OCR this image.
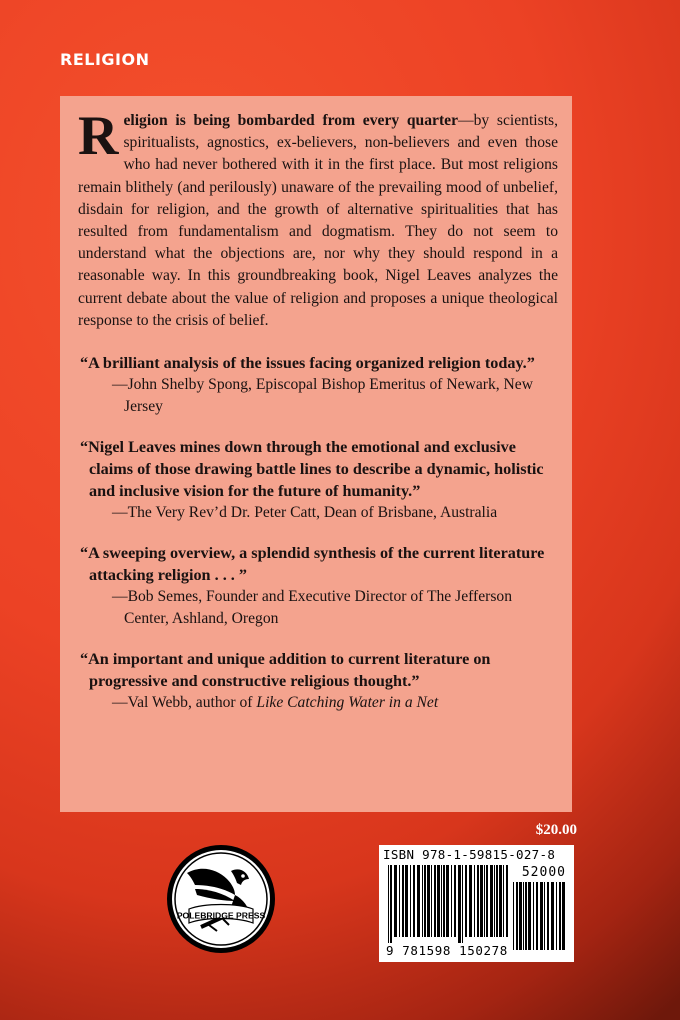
RELIGION

Religion is being bombarded from every quarter—by scientists, spiritualists, agnostics, ex-believers, non-believers and even those who had never bothered with it in the first place. But most religions remain blithely (and perilously) unaware of the prevailing mood of unbelief, disdain for religion, and the growth of alternative spiritualities that has resulted from fundamentalism and dogmatism. They do not seem to understand what the objections are, nor why they should respond in a reasonable way. In this groundbreaking book, Nigel Leaves analyzes the current debate about the value of religion and proposes a unique theological response to the crisis of belief.

“A brilliant analysis of the issues facing organized religion today.”

—John Shelby Spong, Episcopal Bishop Emeritus of Newark, New Jersey

“Nigel Leaves mines down through the emotional and exclusive claims of those drawing battle lines to describe a dynamic, holistic and inclusive vision for the future of humanity.”

—The Very Rev’d Dr. Peter Catt, Dean of Brisbane, Australia

“A sweeping overview, a splendid synthesis of the current literature attacking religion . . . ”

—Bob Semes, Founder and Executive Director of The Jefferson Center, Ashland, Oregon

“An important and unique addition to current literature on progressive and constructive religious thought.”

—Val Webb, author of Like Catching Water in a Net

$20.00
POLEBRIDGE PRESS
ISBN 978-1-59815-027-8
52000
9 781598 150278
